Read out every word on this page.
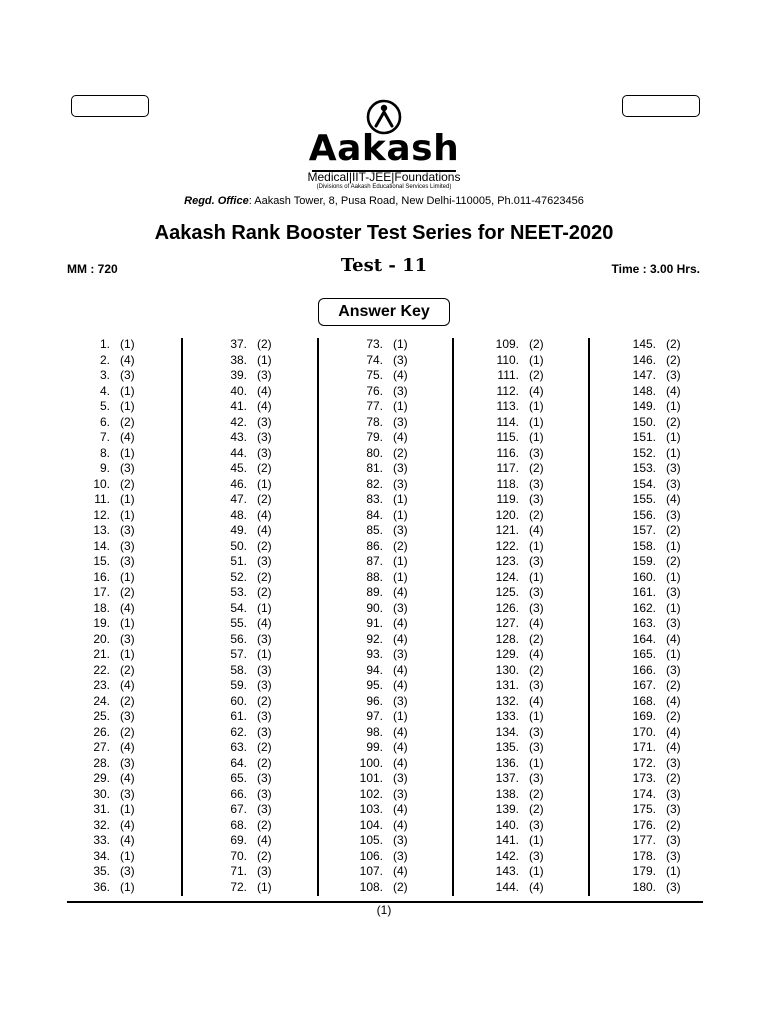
Aakash
Medical|IIT-JEE|Foundations
(Divisions of Aakash Educational Services Limited)
Regd. Office: Aakash Tower, 8, Pusa Road, New Delhi-110005, Ph.011-47623456
Aakash Rank Booster Test Series for NEET-2020
MM : 720	Test - 11	Time : 3.00 Hrs.
Answer Key
1. (1)
2. (4)
3. (3)
4. (1)
5. (1)
6. (2)
7. (4)
8. (1)
9. (3)
10. (2)
11. (1)
12. (1)
13. (3)
14. (3)
15. (3)
16. (1)
17. (2)
18. (4)
19. (1)
20. (3)
21. (1)
22. (2)
23. (4)
24. (2)
25. (3)
26. (2)
27. (4)
28. (3)
29. (4)
30. (3)
31. (1)
32. (4)
33. (4)
34. (1)
35. (3)
36. (1)
37. (2)
38. (1)
39. (3)
40. (4)
41. (4)
42. (3)
43. (3)
44. (3)
45. (2)
46. (1)
47. (2)
48. (4)
49. (4)
50. (2)
51. (3)
52. (2)
53. (2)
54. (1)
55. (4)
56. (3)
57. (1)
58. (3)
59. (3)
60. (2)
61. (3)
62. (3)
63. (2)
64. (2)
65. (3)
66. (3)
67. (3)
68. (2)
69. (4)
70. (2)
71. (3)
72. (1)
73. (1)
74. (3)
75. (4)
76. (3)
77. (1)
78. (3)
79. (4)
80. (2)
81. (3)
82. (3)
83. (1)
84. (1)
85. (3)
86. (2)
87. (1)
88. (1)
89. (4)
90. (3)
91. (4)
92. (4)
93. (3)
94. (4)
95. (4)
96. (3)
97. (1)
98. (4)
99. (4)
100. (4)
101. (3)
102. (3)
103. (4)
104. (4)
105. (3)
106. (3)
107. (4)
108. (2)
109. (2)
110. (1)
111. (2)
112. (4)
113. (1)
114. (1)
115. (1)
116. (3)
117. (2)
118. (3)
119. (3)
120. (2)
121. (4)
122. (1)
123. (3)
124. (1)
125. (3)
126. (3)
127. (4)
128. (2)
129. (4)
130. (2)
131. (3)
132. (4)
133. (1)
134. (3)
135. (3)
136. (1)
137. (3)
138. (2)
139. (2)
140. (3)
141. (1)
142. (3)
143. (1)
144. (4)
145. (2)
146. (2)
147. (3)
148. (4)
149. (1)
150. (2)
151. (1)
152. (1)
153. (3)
154. (3)
155. (4)
156. (3)
157. (2)
158. (1)
159. (2)
160. (1)
161. (3)
162. (1)
163. (3)
164. (4)
165. (1)
166. (3)
167. (2)
168. (4)
169. (2)
170. (4)
171. (4)
172. (3)
173. (2)
174. (3)
175. (3)
176. (2)
177. (3)
178. (3)
179. (1)
180. (3)
(1)
